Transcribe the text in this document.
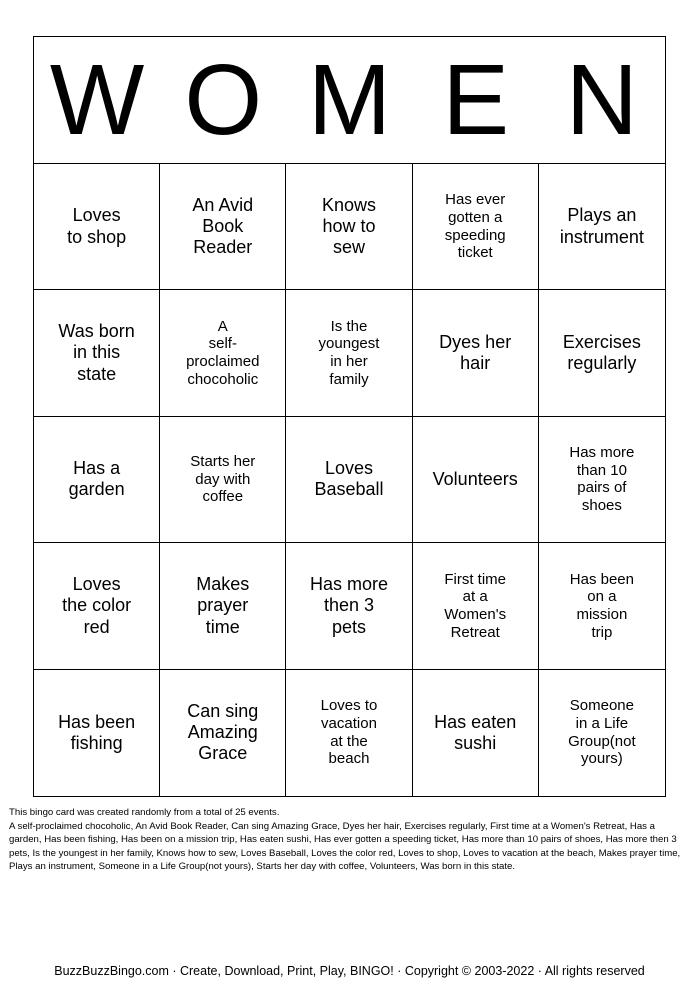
W O M E N
Loves
to shop
An Avid
Book
Reader
Knows
how to
sew
Has ever
gotten a
speeding
ticket
Plays an
instrument
Was born
in this
state
A
self-proclaimed
chocoholic
Is the
youngest
in her
family
Dyes her
hair
Exercises
regularly
Has a
garden
Starts her
day with
coffee
Loves
Baseball
Volunteers
Has more
than 10
pairs of
shoes
Loves
the color
red
Makes
prayer
time
Has more
then 3
pets
First time
at a
Women's
Retreat
Has been
on a
mission
trip
Has been
fishing
Can sing
Amazing
Grace
Loves to
vacation
at the
beach
Has eaten
sushi
Someone
in a Life
Group(not
yours)

This bingo card was created randomly from a total of 25 events.

A self-proclaimed chocoholic, An Avid Book Reader, Can sing Amazing Grace, Dyes her hair, Exercises regularly, First time at a Women's Retreat, Has a garden, Has been fishing, Has been on a mission trip, Has eaten sushi, Has ever gotten a speeding ticket, Has more than 10 pairs of shoes, Has more then 3 pets, Is the youngest in her family, Knows how to sew, Loves Baseball, Loves the color red, Loves to shop, Loves to vacation at the beach, Makes prayer time, Plays an instrument, Someone in a Life Group(not yours), Starts her day with coffee, Volunteers, Was born in this state.

BuzzBuzzBingo.com · Create, Download, Print, Play, BINGO! · Copyright © 2003-2022 · All rights reserved
